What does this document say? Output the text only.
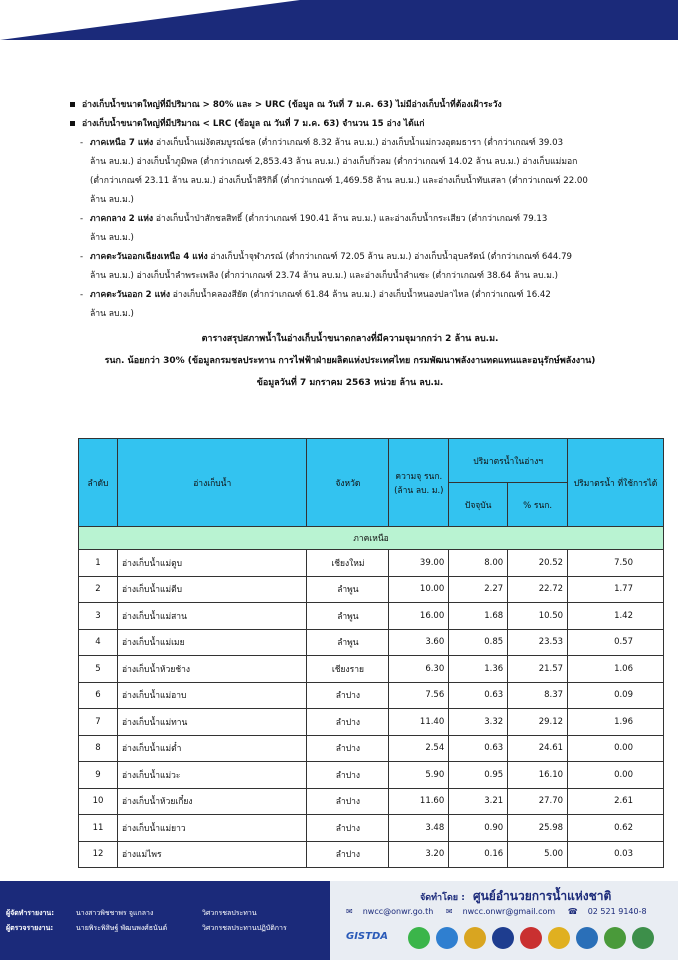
อ่างเก็บน้ำขนาดใหญ่ที่มีปริมาณ > 80% และ > URC (ข้อมูล ณ วันที่ 7 ม.ค. 63) ไม่มีอ่างเก็บน้ำที่ต้องเฝ้าระวัง
อ่างเก็บน้ำขนาดใหญ่ที่มีปริมาณ < LRC (ข้อมูล ณ วันที่ 7 ม.ค. 63) จำนวน 15 อ่าง ได้แก่
- ภาคเหนือ 7 แห่ง อ่างเก็บน้ำแม่งัดสมบูรณ์ชล (ต่ำกว่าเกณฑ์ 8.32 ล้าน ลบ.ม.) อ่างเก็บน้ำแม่กวงอุดมธารา (ต่ำกว่าเกณฑ์ 39.03
ล้าน ลบ.ม.) อ่างเก็บน้ำภูมิพล (ต่ำกว่าเกณฑ์ 2,853.43 ล้าน ลบ.ม.) อ่างเก็บกิ่วลม (ต่ำกว่าเกณฑ์ 14.02 ล้าน ลบ.ม.) อ่างเก็บแม่มอก
(ต่ำกว่าเกณฑ์ 23.11 ล้าน ลบ.ม.) อ่างเก็บน้ำสิริกิติ์ (ต่ำกว่าเกณฑ์ 1,469.58 ล้าน ลบ.ม.) และอ่างเก็บน้ำทับเสลา (ต่ำกว่าเกณฑ์ 22.00
ล้าน ลบ.ม.)
- ภาคกลาง 2 แห่ง อ่างเก็บน้ำป่าสักชลสิทธิ์ (ต่ำกว่าเกณฑ์ 190.41 ล้าน ลบ.ม.) และอ่างเก็บน้ำกระเสียว (ต่ำกว่าเกณฑ์ 79.13
ล้าน ลบ.ม.)
- ภาคตะวันออกเฉียงเหนือ 4 แห่ง อ่างเก็บน้ำจุฬาภรณ์ (ต่ำกว่าเกณฑ์ 72.05 ล้าน ลบ.ม.) อ่างเก็บน้ำอุบลรัตน์ (ต่ำกว่าเกณฑ์ 644.79
ล้าน ลบ.ม.) อ่างเก็บน้ำลำพระเพลิง (ต่ำกว่าเกณฑ์ 23.74 ล้าน ลบ.ม.) และอ่างเก็บน้ำลำแซะ (ต่ำกว่าเกณฑ์ 38.64 ล้าน ลบ.ม.)
- ภาคตะวันออก 2 แห่ง อ่างเก็บน้ำคลองสียัด (ต่ำกว่าเกณฑ์ 61.84 ล้าน ลบ.ม.) อ่างเก็บน้ำหนองปลาไหล (ต่ำกว่าเกณฑ์ 16.42
ล้าน ลบ.ม.)
ตารางสรุปสภาพน้ำในอ่างเก็บน้ำขนาดกลางที่มีความจุมากกว่า 2 ล้าน ลบ.ม.
รนก. น้อยกว่า 30% (ข้อมูลกรมชลประทาน การไฟฟ้าฝ่ายผลิตแห่งประเทศไทย กรมพัฒนาพลังงานทดแทนและอนุรักษ์พลังงาน)
ข้อมูลวันที่ 7 มกราคม 2563 หน่วย ล้าน ลบ.ม.
ลำดับ	อ่างเก็บน้ำ	จังหวัด	ความจุ รนก. (ล้าน ลบ. ม.)	ปริมาตรน้ำในอ่างฯ		ปริมาตรน้ำ ที่ใช้การได้
				ปัจจุบัน	% รนก.	
ภาคเหนือ						
1	อ่างเก็บน้ำแม่ตูบ	เชียงใหม่	39.00	8.00	20.52	7.50
2	อ่างเก็บน้ำแม่ตีบ	ลำพูน	10.00	2.27	22.72	1.77
3	อ่างเก็บน้ำแม่สาน	ลำพูน	16.00	1.68	10.50	1.42
4	อ่างเก็บน้ำแม่เมย	ลำพูน	3.60	0.85	23.53	0.57
5	อ่างเก็บน้ำห้วยช้าง	เชียงราย	6.30	1.36	21.57	1.06
6	อ่างเก็บน้ำแม่อาบ	ลำปาง	7.56	0.63	8.37	0.09
7	อ่างเก็บน้ำแม่ทาน	ลำปาง	11.40	3.32	29.12	1.96
8	อ่างเก็บน้ำแม่ต๋ำ	ลำปาง	2.54	0.63	24.61	0.00
9	อ่างเก็บน้ำแม่วะ	ลำปาง	5.90	0.95	16.10	0.00
10	อ่างเก็บน้ำห้วยเกี๋ยง	ลำปาง	11.60	3.21	27.70	2.61
11	อ่างเก็บน้ำแม่ยาว	ลำปาง	3.48	0.90	25.98	0.62
12	อ่างแม่ไพร	ลำปาง	3.20	0.16	5.00	0.03
ผู้จัดทำรายงาน:	นางสาวพิชชาพร จูแกลาง	วิศวกรชลประทาน
ผู้ตรวจรายงาน:	นายพิระพิสิษฐ์ พัฒนพงศ์ธนันต์	วิศวกรชลประทานปฏิบัติการ
จัดทำโดย : ศูนย์อำนวยการน้ำแห่งชาติ
✉ nwcc@onwr.go.th ✉ nwcc.onwr@gmail.com ☎ 02 521 9140-8
GISTDA
